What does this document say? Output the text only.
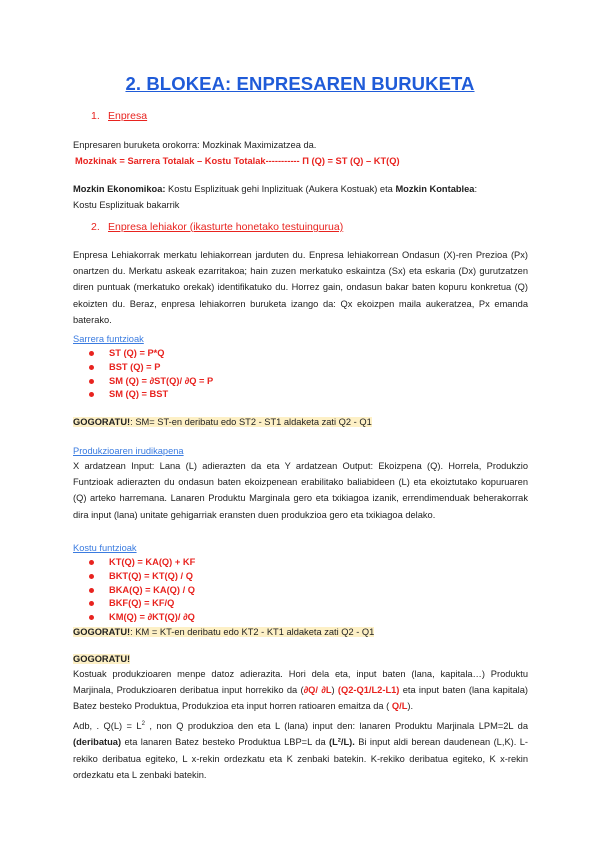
2. BLOKEA: ENPRESAREN BURUKETA
1. Enpresa
Enpresaren buruketa orokorra: Mozkinak Maximizatzea da.
Mozkinak = Sarrera Totalak – Kostu Totalak----------- Π (Q) = ST (Q) – KT(Q)
Mozkin Ekonomikoa: Kostu Esplizituak gehi Inplizituak (Aukera Kostuak) eta Mozkin Kontablea:
Kostu Esplizituak bakarrik
2. Enpresa lehiakor (ikasturte honetako testuingurua)
Enpresa Lehiakorrak merkatu lehiakorrean jarduten du. Enpresa lehiakorrean Ondasun (X)-ren Prezioa (Px) onartzen du. Merkatu askeak ezarritakoa; hain zuzen merkatuko eskaintza (Sx) eta eskaria (Dx) gurutzatzen diren puntuak (merkatuko orekak) identifikatuko du. Horrez gain, ondasun bakar baten kopuru konkretua (Q) ekoizten du. Beraz, enpresa lehiakorren buruketa izango da: Qx ekoizpen maila aukeratzea, Px emanda baterako.
Sarrera funtzioak
ST (Q) = P*Q
BST (Q) = P
SM (Q) = ∂ST(Q)/ ∂Q = P
SM (Q) = BST
GOGORATU!: SM= ST-en deribatu edo ST2 - ST1 aldaketa zati Q2 - Q1
Produkzioaren irudikapena
X ardatzean Input: Lana (L) adierazten da eta Y ardatzean Output: Ekoizpena (Q). Horrela, Produkzio Funtzioak adierazten du ondasun baten ekoizpenean erabilitako baliabideen (L) eta ekoiztutako kopuruaren (Q) arteko harremana. Lanaren Produktu Marginala gero eta txikiagoa izanik, errendimenduak beherakorrak dira input (lana) unitate gehigarriak eransten duen produkzioa gero eta txikiagoa delako.
Kostu funtzioak
KT(Q) = KA(Q) + KF
BKT(Q) = KT(Q) / Q
BKA(Q) = KA(Q) / Q
BKF(Q) = KF/Q
KM(Q) = ∂KT(Q)/ ∂Q
GOGORATU!: KM = KT-en deribatu edo KT2 - KT1 aldaketa zati Q2 - Q1
GOGORATU!
Kostuak produkzioaren menpe datoz adierazita. Hori dela eta, input baten (lana, kapitala…) Produktu Marjinala, Produkzioaren deribatua input horrekiko da (∂Q/ ∂L) (Q2-Q1/L2-L1) eta input baten (lana kapitala) Batez besteko Produktua, Produkzioa eta input horren ratioaren emaitza da ( Q/L).
Adb, . $Q(L) = L^2$ , non Q produkzioa den eta L (lana) input den: lanaren Produktu Marjinala LPM=2L da (deribatua) eta lanaren Batez besteko Produktua LBP=L da (L²/L). Bi input aldi berean daudenean (L,K). L-rekiko deribatua egiteko, L x-rekin ordezkatu eta K zenbaki batekin. K-rekiko deribatua egiteko, K x-rekin ordezkatu eta L zenbaki batekin.
